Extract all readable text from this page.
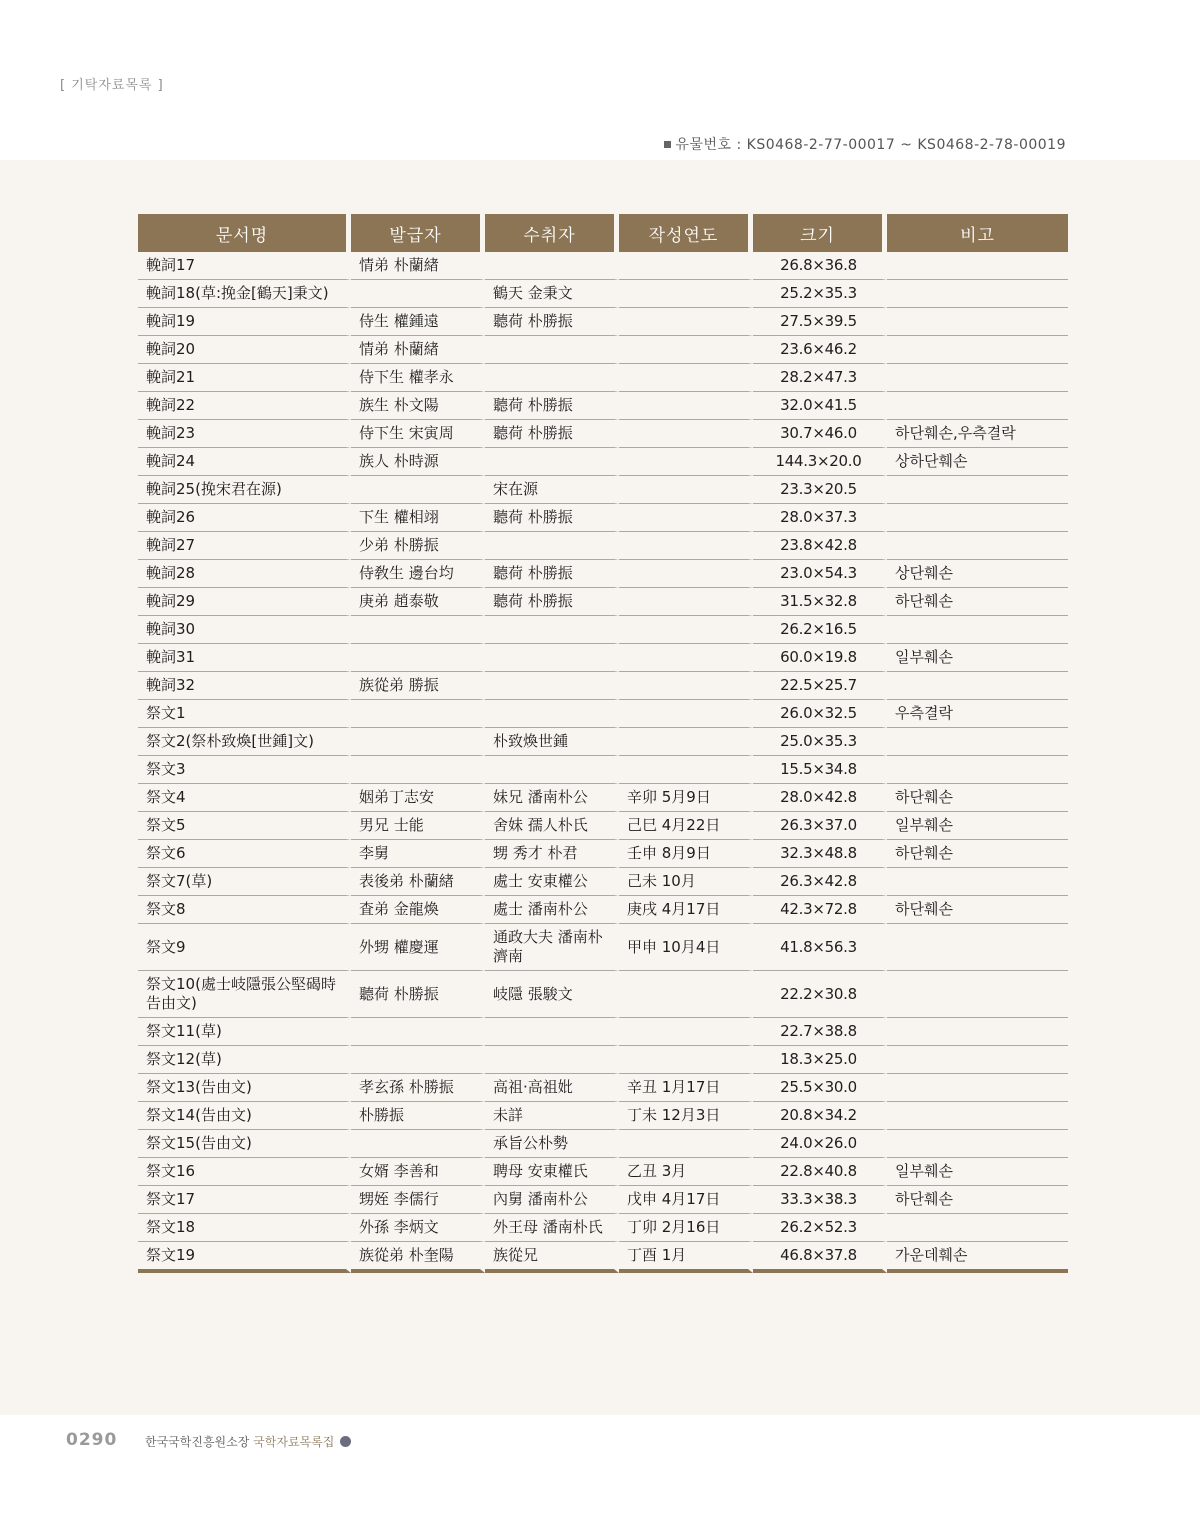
[ 기탁자료목록 ]
유물번호 : KS0468-2-77-00017 ~ KS0468-2-78-00019
문서명	발급자	수취자	작성연도	크기	비고
輓詞17	情弟 朴蘭緖			26.8×36.8	
輓詞18(草:挽金[鶴天]秉文)		鶴天 金秉文		25.2×35.3	
輓詞19	侍生 權鍾遠	聽荷 朴勝振		27.5×39.5	
輓詞20	情弟 朴蘭緖			23.6×46.2	
輓詞21	侍下生 權孝永			28.2×47.3	
輓詞22	族生 朴文陽	聽荷 朴勝振		32.0×41.5	
輓詞23	侍下生 宋寅周	聽荷 朴勝振		30.7×46.0	하단훼손,우측결락
輓詞24	族人 朴時源			144.3×20.0	상하단훼손
輓詞25(挽宋君在源)		宋在源		23.3×20.5	
輓詞26	下生 權相翊	聽荷 朴勝振		28.0×37.3	
輓詞27	少弟 朴勝振			23.8×42.8	
輓詞28	侍敎生 邊台均	聽荷 朴勝振		23.0×54.3	상단훼손
輓詞29	庚弟 趙泰敬	聽荷 朴勝振		31.5×32.8	하단훼손
輓詞30				26.2×16.5	
輓詞31				60.0×19.8	일부훼손
輓詞32	族從弟 勝振			22.5×25.7	
祭文1				26.0×32.5	우측결락
祭文2(祭朴致煥[世鍾]文)		朴致煥世鍾		25.0×35.3	
祭文3				15.5×34.8	
祭文4	姻弟丁志安	妹兄 潘南朴公	辛卯 5月9日	28.0×42.8	하단훼손
祭文5	男兄 士能	舍妹 孺人朴氏	己巳 4月22日	26.3×37.0	일부훼손
祭文6	李舅	甥 秀才 朴君	壬申 8月9日	32.3×48.8	하단훼손
祭文7(草)	表後弟 朴蘭緖	處士 安東權公	己未 10月	26.3×42.8	
祭文8	査弟 金龍煥	處士 潘南朴公	庚戌 4月17日	42.3×72.8	하단훼손
祭文9	外甥 權慶運	通政大夫 潘南朴濟南	甲申 10月4日	41.8×56.3	
祭文10(處士岐隱張公堅碣時告由文)	聽荷 朴勝振	岐隱 張駿文		22.2×30.8	
祭文11(草)				22.7×38.8	
祭文12(草)				18.3×25.0	
祭文13(告由文)	孝玄孫 朴勝振	高祖·高祖妣	辛丑 1月17日	25.5×30.0	
祭文14(告由文)	朴勝振	未詳	丁未 12月3日	20.8×34.2	
祭文15(告由文)		承旨公朴勢		24.0×26.0	
祭文16	女婿 李善和	聘母 安東權氏	乙丑 3月	22.8×40.8	일부훼손
祭文17	甥姪 李儒行	內舅 潘南朴公	戊申 4月17日	33.3×38.3	하단훼손
祭文18	外孫 李炳文	外王母 潘南朴氏	丁卯 2月16日	26.2×52.3	
祭文19	族從弟 朴奎陽	族從兄	丁酉 1月	46.8×37.8	가운데훼손
0290 한국국학진흥원소장 국학자료목록집
